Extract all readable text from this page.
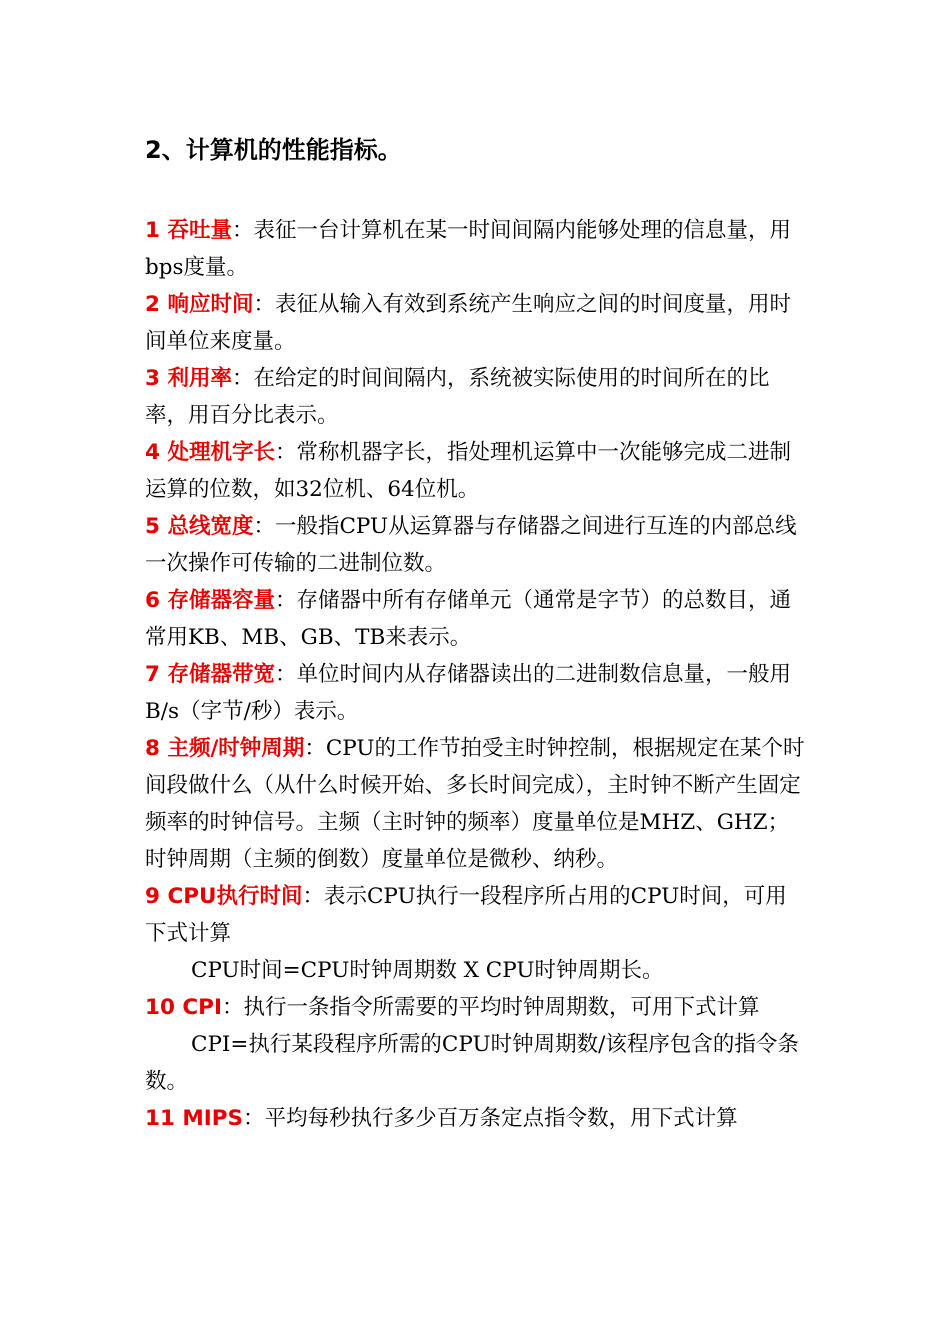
2、计算机的性能指标。

1 吞吐量：表征一台计算机在某一时间间隔内能够处理的信息量，用bps度量。

2 响应时间：表征从输入有效到系统产生响应之间的时间度量，用时间单位来度量。

3 利用率：在给定的时间间隔内，系统被实际使用的时间所在的比率，用百分比表示。

4 处理机字长：常称机器字长，指处理机运算中一次能够完成二进制运算的位数，如32位机、64位机。

5 总线宽度：一般指CPU从运算器与存储器之间进行互连的内部总线一次操作可传输的二进制位数。

6 存储器容量：存储器中所有存储单元（通常是字节）的总数目，通常用KB、MB、GB、TB来表示。

7 存储器带宽：单位时间内从存储器读出的二进制数信息量，一般用B/s（字节/秒）表示。

8 主频/时钟周期：CPU的工作节拍受主时钟控制，根据规定在某个时间段做什么（从什么时候开始、多长时间完成），主时钟不断产生固定频率的时钟信号。主频（主时钟的频率）度量单位是MHZ、GHZ；时钟周期（主频的倒数）度量单位是微秒、纳秒。

9 CPU执行时间：表示CPU执行一段程序所占用的CPU时间，可用下式计算

CPU时间=CPU时钟周期数 X CPU时钟周期长。

10 CPI：执行一条指令所需要的平均时钟周期数，可用下式计算

CPI=执行某段程序所需的CPU时钟周期数/该程序包含的指令条数。

11 MIPS：平均每秒执行多少百万条定点指令数，用下式计算
